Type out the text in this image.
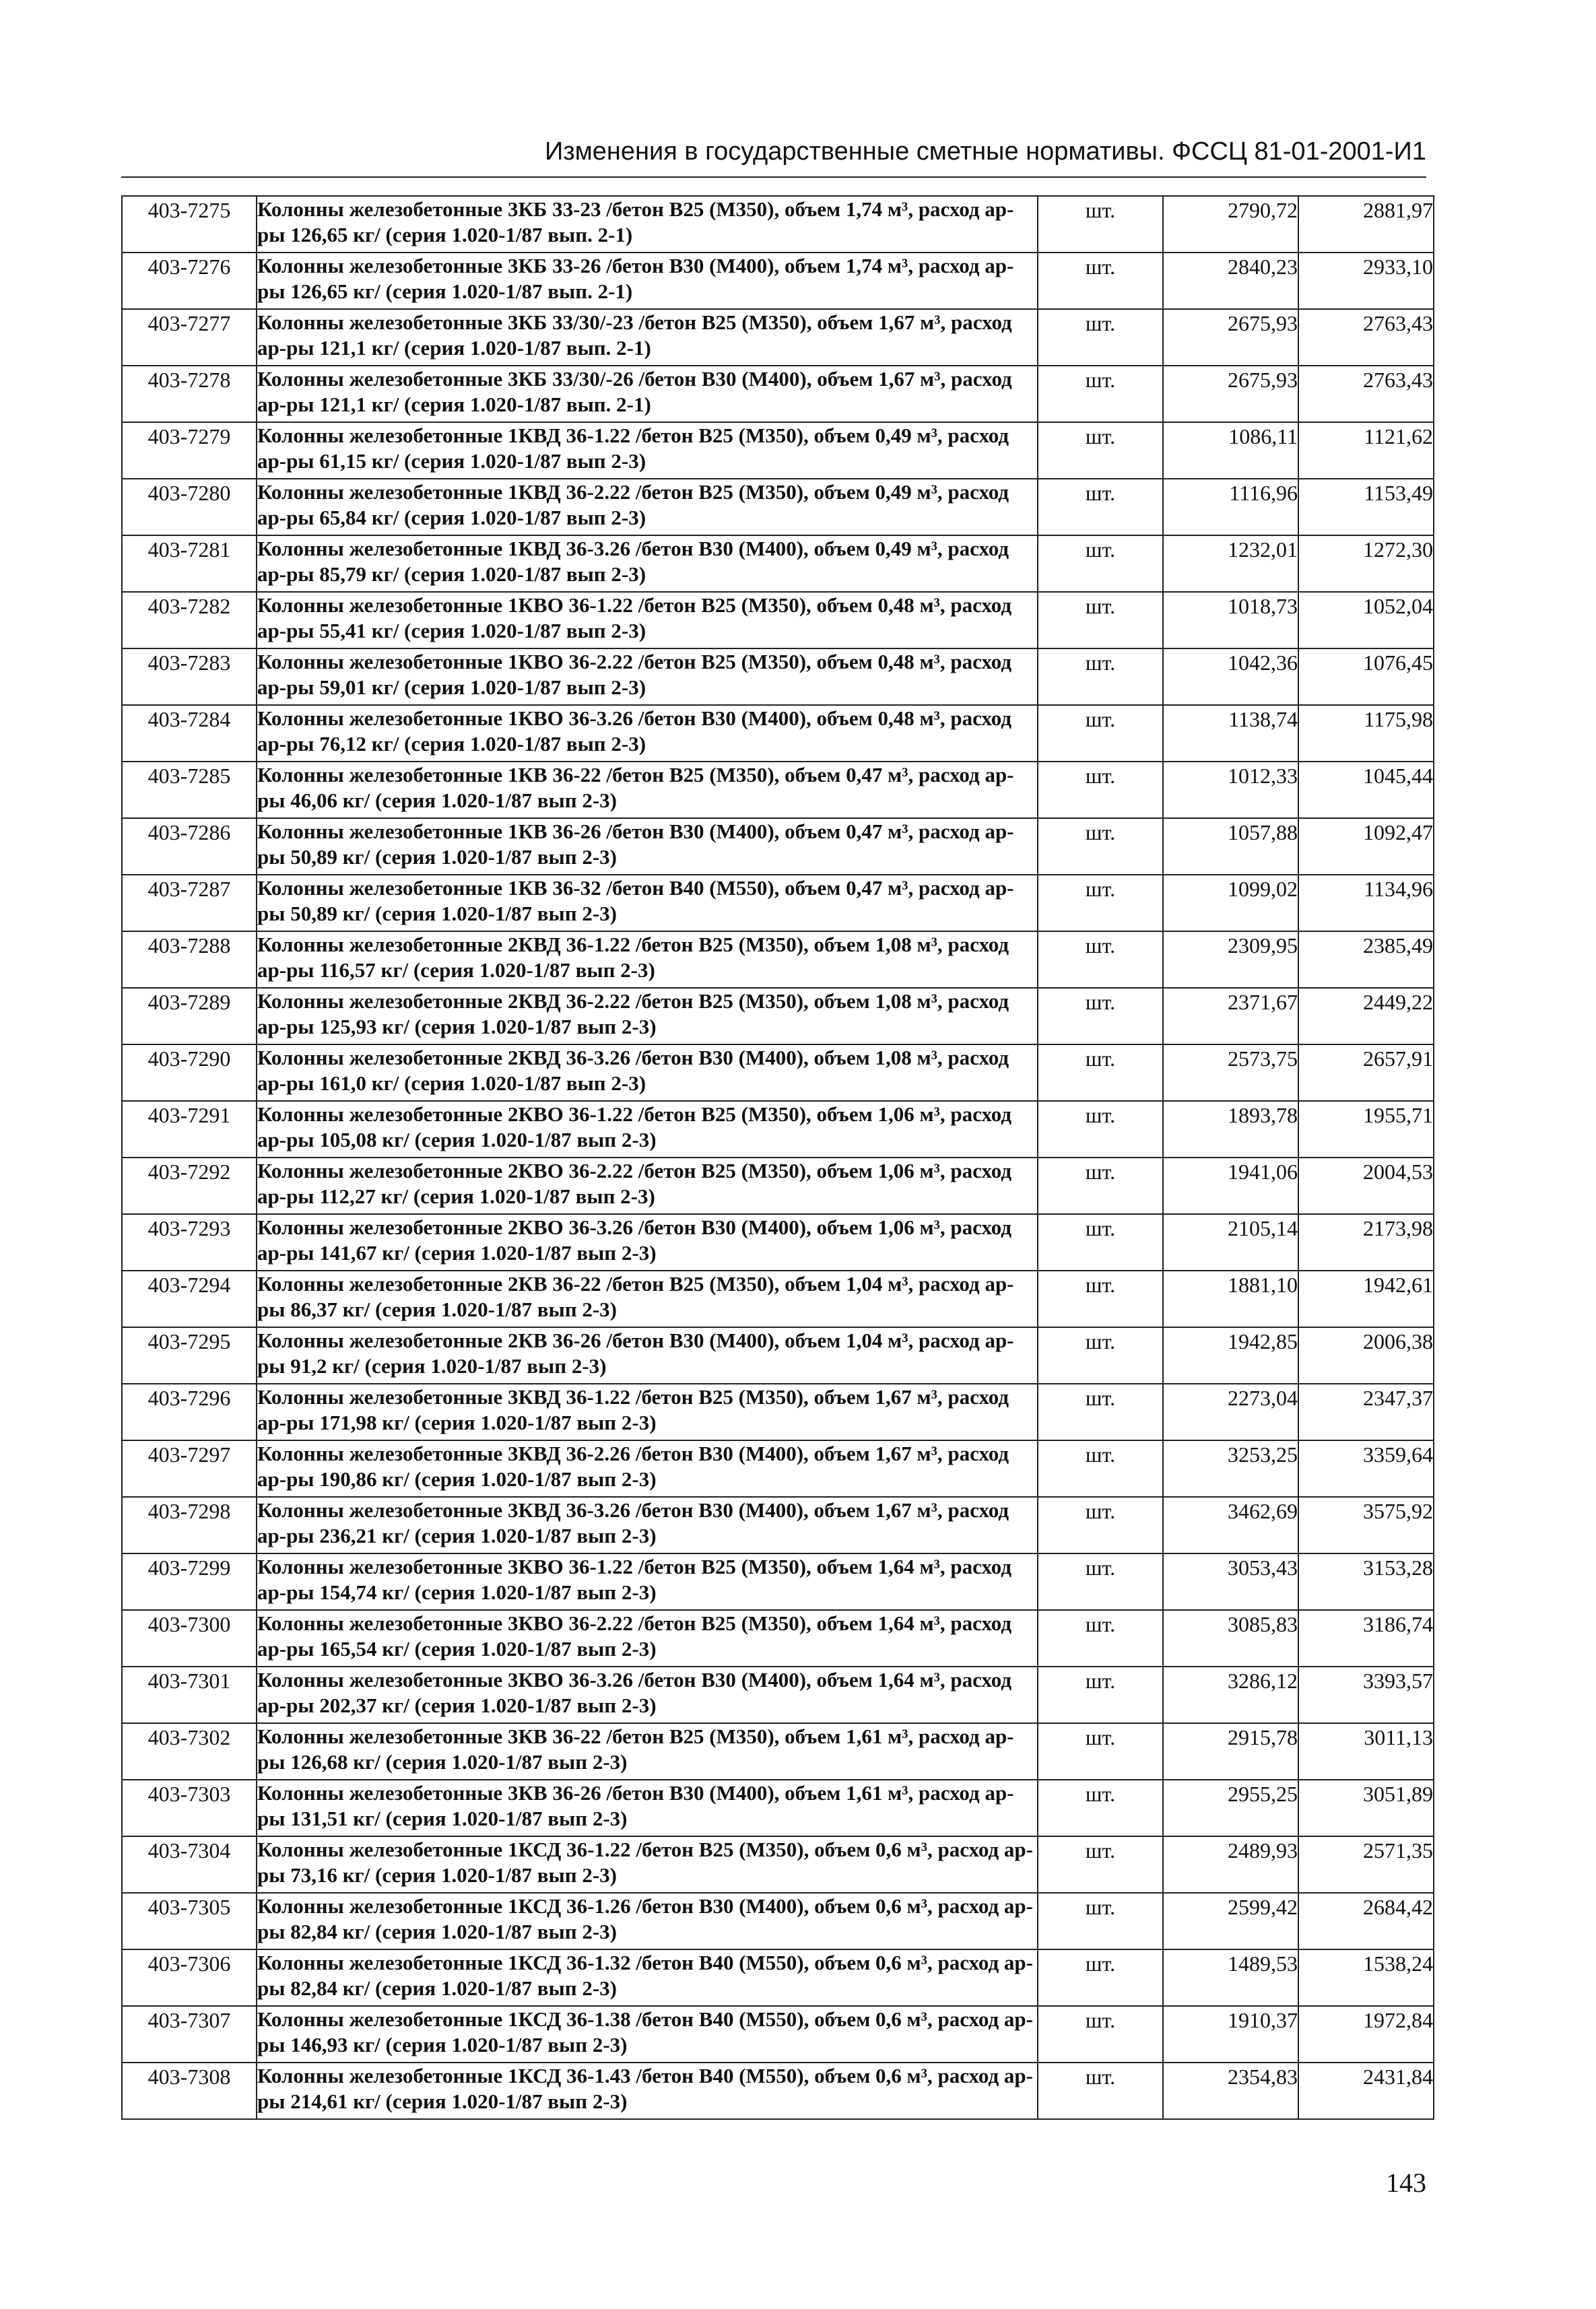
Изменения в государственные сметные нормативы. ФССЦ 81-01-2001-И1
403-7275	Колонны железобетонные 3КБ 33-23 /бетон B25 (М350), объем 1,74 м³, расход ар-ры 126,65 кг/ (серия 1.020-1/87 вып. 2-1)	шт.	2790,72	2881,97
403-7276	Колонны железобетонные 3КБ 33-26 /бетон B30 (М400), объем 1,74 м³, расход ар-ры 126,65 кг/ (серия 1.020-1/87 вып. 2-1)	шт.	2840,23	2933,10
403-7277	Колонны железобетонные 3КБ 33/30/-23 /бетон B25 (М350), объем 1,67 м³, расход ар-ры 121,1 кг/ (серия 1.020-1/87 вып. 2-1)	шт.	2675,93	2763,43
403-7278	Колонны железобетонные 3КБ 33/30/-26 /бетон B30 (М400), объем 1,67 м³, расход ар-ры 121,1 кг/ (серия 1.020-1/87 вып. 2-1)	шт.	2675,93	2763,43
403-7279	Колонны железобетонные 1КВД 36-1.22 /бетон B25 (М350), объем 0,49 м³, расход ар-ры 61,15 кг/ (серия 1.020-1/87 вып 2-3)	шт.	1086,11	1121,62
403-7280	Колонны железобетонные 1КВД 36-2.22 /бетон B25 (М350), объем 0,49 м³, расход ар-ры 65,84 кг/ (серия 1.020-1/87 вып 2-3)	шт.	1116,96	1153,49
403-7281	Колонны железобетонные 1КВД 36-3.26 /бетон B30 (М400), объем 0,49 м³, расход ар-ры 85,79 кг/ (серия 1.020-1/87 вып 2-3)	шт.	1232,01	1272,30
403-7282	Колонны железобетонные 1КВО 36-1.22 /бетон B25 (М350), объем 0,48 м³, расход ар-ры 55,41 кг/ (серия 1.020-1/87 вып 2-3)	шт.	1018,73	1052,04
403-7283	Колонны железобетонные 1КВО 36-2.22 /бетон B25 (М350), объем 0,48 м³, расход ар-ры 59,01 кг/ (серия 1.020-1/87 вып 2-3)	шт.	1042,36	1076,45
403-7284	Колонны железобетонные 1КВО 36-3.26 /бетон B30 (М400), объем 0,48 м³, расход ар-ры 76,12 кг/ (серия 1.020-1/87 вып 2-3)	шт.	1138,74	1175,98
403-7285	Колонны железобетонные 1КВ 36-22 /бетон B25 (М350), объем 0,47 м³, расход ар-ры 46,06 кг/ (серия 1.020-1/87 вып 2-3)	шт.	1012,33	1045,44
403-7286	Колонны железобетонные 1КВ 36-26 /бетон B30 (М400), объем 0,47 м³, расход ар-ры 50,89 кг/ (серия 1.020-1/87 вып 2-3)	шт.	1057,88	1092,47
403-7287	Колонны железобетонные 1КВ 36-32 /бетон B40 (М550), объем 0,47 м³, расход ар-ры 50,89 кг/ (серия 1.020-1/87 вып 2-3)	шт.	1099,02	1134,96
403-7288	Колонны железобетонные 2КВД 36-1.22 /бетон B25 (М350), объем 1,08 м³, расход ар-ры 116,57 кг/ (серия 1.020-1/87 вып 2-3)	шт.	2309,95	2385,49
403-7289	Колонны железобетонные 2КВД 36-2.22 /бетон B25 (М350), объем 1,08 м³, расход ар-ры 125,93 кг/ (серия 1.020-1/87 вып 2-3)	шт.	2371,67	2449,22
403-7290	Колонны железобетонные 2КВД 36-3.26 /бетон B30 (М400), объем 1,08 м³, расход ар-ры 161,0 кг/ (серия 1.020-1/87 вып 2-3)	шт.	2573,75	2657,91
403-7291	Колонны железобетонные 2КВО 36-1.22 /бетон B25 (М350), объем 1,06 м³, расход ар-ры 105,08 кг/ (серия 1.020-1/87 вып 2-3)	шт.	1893,78	1955,71
403-7292	Колонны железобетонные 2КВО 36-2.22 /бетон B25 (М350), объем 1,06 м³, расход ар-ры 112,27 кг/ (серия 1.020-1/87 вып 2-3)	шт.	1941,06	2004,53
403-7293	Колонны железобетонные 2КВО 36-3.26 /бетон B30 (М400), объем 1,06 м³, расход ар-ры 141,67 кг/ (серия 1.020-1/87 вып 2-3)	шт.	2105,14	2173,98
403-7294	Колонны железобетонные 2КВ 36-22 /бетон B25 (М350), объем 1,04 м³, расход ар-ры 86,37 кг/ (серия 1.020-1/87 вып 2-3)	шт.	1881,10	1942,61
403-7295	Колонны железобетонные 2КВ 36-26 /бетон B30 (М400), объем 1,04 м³, расход ар-ры 91,2 кг/ (серия 1.020-1/87 вып 2-3)	шт.	1942,85	2006,38
403-7296	Колонны железобетонные 3КВД 36-1.22 /бетон B25 (М350), объем 1,67 м³, расход ар-ры 171,98 кг/ (серия 1.020-1/87 вып 2-3)	шт.	2273,04	2347,37
403-7297	Колонны железобетонные 3КВД 36-2.26 /бетон B30 (М400), объем 1,67 м³, расход ар-ры 190,86 кг/ (серия 1.020-1/87 вып 2-3)	шт.	3253,25	3359,64
403-7298	Колонны железобетонные 3КВД 36-3.26 /бетон B30 (М400), объем 1,67 м³, расход ар-ры 236,21 кг/ (серия 1.020-1/87 вып 2-3)	шт.	3462,69	3575,92
403-7299	Колонны железобетонные 3КВО 36-1.22 /бетон B25 (М350), объем 1,64 м³, расход ар-ры 154,74 кг/ (серия 1.020-1/87 вып 2-3)	шт.	3053,43	3153,28
403-7300	Колонны железобетонные 3КВО 36-2.22 /бетон B25 (М350), объем 1,64 м³, расход ар-ры 165,54 кг/ (серия 1.020-1/87 вып 2-3)	шт.	3085,83	3186,74
403-7301	Колонны железобетонные 3КВО 36-3.26 /бетон B30 (М400), объем 1,64 м³, расход ар-ры 202,37 кг/ (серия 1.020-1/87 вып 2-3)	шт.	3286,12	3393,57
403-7302	Колонны железобетонные 3КВ 36-22 /бетон B25 (М350), объем 1,61 м³, расход ар-ры 126,68 кг/ (серия 1.020-1/87 вып 2-3)	шт.	2915,78	3011,13
403-7303	Колонны железобетонные 3КВ 36-26 /бетон B30 (М400), объем 1,61 м³, расход ар-ры 131,51 кг/ (серия 1.020-1/87 вып 2-3)	шт.	2955,25	3051,89
403-7304	Колонны железобетонные 1КСД 36-1.22 /бетон B25 (М350), объем 0,6 м³, расход ар-ры 73,16 кг/ (серия 1.020-1/87 вып 2-3)	шт.	2489,93	2571,35
403-7305	Колонны железобетонные 1КСД 36-1.26 /бетон B30 (М400), объем 0,6 м³, расход ар-ры 82,84 кг/ (серия 1.020-1/87 вып 2-3)	шт.	2599,42	2684,42
403-7306	Колонны железобетонные 1КСД 36-1.32 /бетон B40 (М550), объем 0,6 м³, расход ар-ры 82,84 кг/ (серия 1.020-1/87 вып 2-3)	шт.	1489,53	1538,24
403-7307	Колонны железобетонные 1КСД 36-1.38 /бетон B40 (М550), объем 0,6 м³, расход ар-ры 146,93 кг/ (серия 1.020-1/87 вып 2-3)	шт.	1910,37	1972,84
403-7308	Колонны железобетонные 1КСД 36-1.43 /бетон B40 (М550), объем 0,6 м³, расход ар-ры 214,61 кг/ (серия 1.020-1/87 вып 2-3)	шт.	2354,83	2431,84
143
